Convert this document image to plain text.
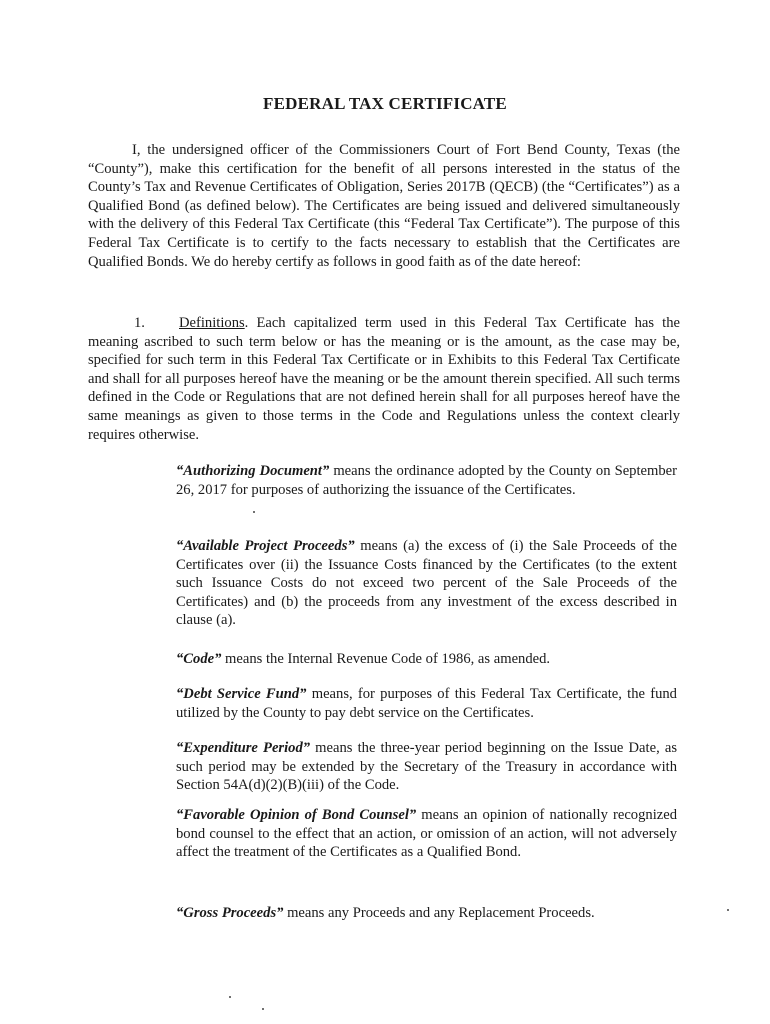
FEDERAL TAX CERTIFICATE

I, the undersigned officer of the Commissioners Court of Fort Bend County, Texas (the “County”), make this certification for the benefit of all persons interested in the status of the County’s Tax and Revenue Certificates of Obligation, Series 2017B (QECB) (the “Certificates”) as a Qualified Bond (as defined below). The Certificates are being issued and delivered simultaneously with the delivery of this Federal Tax Certificate (this “Federal Tax Certificate”). The purpose of this Federal Tax Certificate is to certify to the facts necessary to establish that the Certificates are Qualified Bonds. We do hereby certify as follows in good faith as of the date hereof:

1. Definitions. Each capitalized term used in this Federal Tax Certificate has the meaning ascribed to such term below or has the meaning or is the amount, as the case may be, specified for such term in this Federal Tax Certificate or in Exhibits to this Federal Tax Certificate and shall for all purposes hereof have the meaning or be the amount therein specified. All such terms defined in the Code or Regulations that are not defined herein shall for all purposes hereof have the same meanings as given to those terms in the Code and Regulations unless the context clearly requires otherwise.

“Authorizing Document” means the ordinance adopted by the County on September 26, 2017 for purposes of authorizing the issuance of the Certificates.

“Available Project Proceeds” means (a) the excess of (i) the Sale Proceeds of the Certificates over (ii) the Issuance Costs financed by the Certificates (to the extent such Issuance Costs do not exceed two percent of the Sale Proceeds of the Certificates) and (b) the proceeds from any investment of the excess described in clause (a).

“Code” means the Internal Revenue Code of 1986, as amended.

“Debt Service Fund” means, for purposes of this Federal Tax Certificate, the fund utilized by the County to pay debt service on the Certificates.

“Expenditure Period” means the three-year period beginning on the Issue Date, as such period may be extended by the Secretary of the Treasury in accordance with Section 54A(d)(2)(B)(iii) of the Code.

“Favorable Opinion of Bond Counsel” means an opinion of nationally recognized bond counsel to the effect that an action, or omission of an action, will not adversely affect the treatment of the Certificates as a Qualified Bond.

“Gross Proceeds” means any Proceeds and any Replacement Proceeds.
